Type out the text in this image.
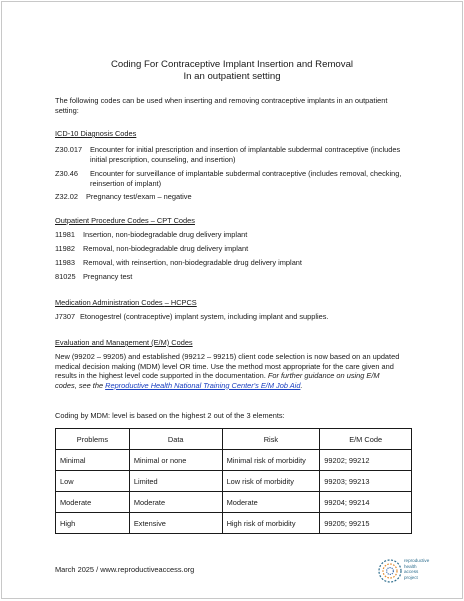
Coding For Contraceptive Implant Insertion and Removal
In an outpatient setting
The following codes can be used when inserting and removing contraceptive implants in an outpatient
setting:
ICD-10 Diagnosis Codes
Z30.017 Encounter for initial prescription and insertion of implantable subdermal contraceptive (includes
initial prescription, counseling, and insertion)
Z30.46 Encounter for surveillance of implantable subdermal contraceptive (includes removal, checking,
reinsertion of implant)
Z32.02 Pregnancy test/exam – negative
Outpatient Procedure Codes – CPT Codes
11981 Insertion, non-biodegradable drug delivery implant
11982 Removal, non-biodegradable drug delivery implant
11983 Removal, with reinsertion, non-biodegradable drug delivery implant
81025 Pregnancy test
Medication Administration Codes – HCPCS
J7307 Etonogestrel (contraceptive) implant system, including implant and supplies.
Evaluation and Management (E/M) Codes
New (99202 – 99205) and established (99212 – 99215) client code selection is now based on an updated
medical decision making (MDM) level OR time. Use the method most appropriate for the care given and
results in the highest level code supported in the documentation. For further guidance on using E/M
codes, see the Reproductive Health National Training Center's E/M Job Aid.
Coding by MDM: level is based on the highest 2 out of the 3 elements:
Problems	Data	Risk	E/M Code
Minimal	Minimal or none	Minimal risk of morbidity	99202; 99212
Low	Limited	Low risk of morbidity	99203; 99213
Moderate	Moderate	Moderate	99204; 99214
High	Extensive	High risk of morbidity	99205; 99215
March 2025 / www.reproductiveaccess.org
reproductive
health
access
project
